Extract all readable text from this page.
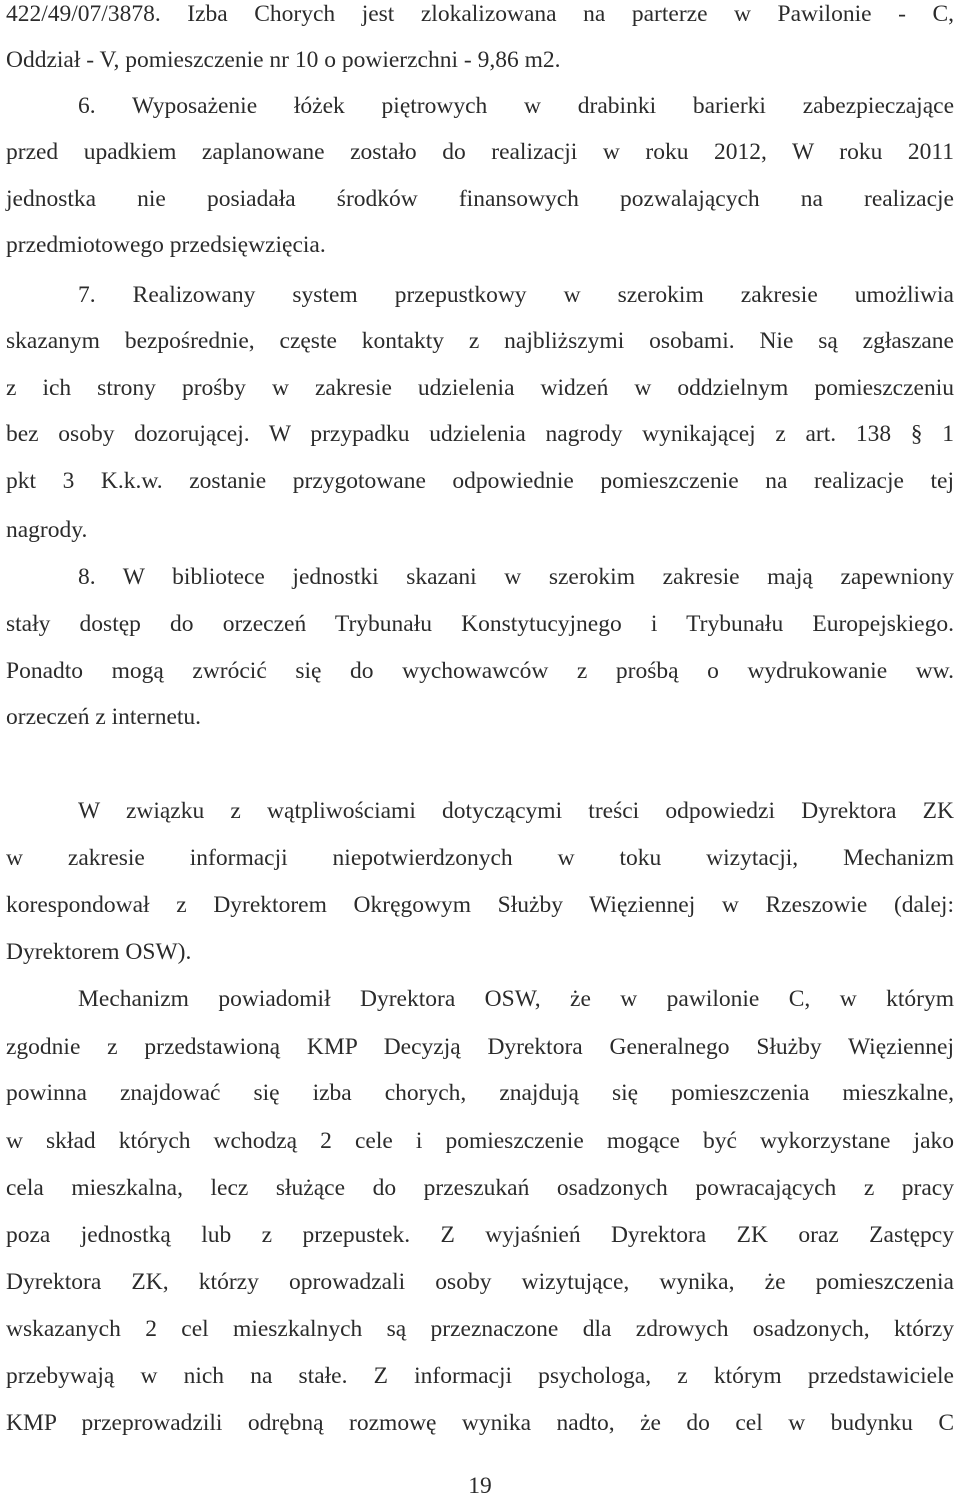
422/49/07/3878. Izba Chorych jest zlokalizowana na parterze w Pawilonie - C,
Oddział - V, pomieszczenie nr 10 o powierzchni - 9,86 m2.
6. Wyposażenie łóżek piętrowych w drabinki barierki zabezpieczające
przed upadkiem zaplanowane zostało do realizacji w roku 2012, W roku 2011
jednostka nie posiadała środków finansowych pozwalających na realizacje
przedmiotowego przedsięwzięcia.
7. Realizowany system przepustkowy w szerokim zakresie umożliwia
skazanym bezpośrednie, częste kontakty z najbliższymi osobami. Nie są zgłaszane
z ich strony prośby w zakresie udzielenia widzeń w oddzielnym pomieszczeniu
bez osoby dozorującej. W przypadku udzielenia nagrody wynikającej z art. 138 § 1
pkt 3 K.k.w. zostanie przygotowane odpowiednie pomieszczenie na realizacje tej
nagrody.
8. W bibliotece jednostki skazani w szerokim zakresie mają zapewniony
stały dostęp do orzeczeń Trybunału Konstytucyjnego i Trybunału Europejskiego.
Ponadto mogą zwrócić się do wychowawców z prośbą o wydrukowanie ww.
orzeczeń z internetu.
W związku z wątpliwościami dotyczącymi treści odpowiedzi Dyrektora ZK
w zakresie informacji niepotwierdzonych w toku wizytacji, Mechanizm
korespondował z Dyrektorem Okręgowym Służby Więziennej w Rzeszowie (dalej:
Dyrektorem OSW).
Mechanizm powiadomił Dyrektora OSW, że w pawilonie C, w którym
zgodnie z przedstawioną KMP Decyzją Dyrektora Generalnego Służby Więziennej
powinna znajdować się izba chorych, znajdują się pomieszczenia mieszkalne,
w skład których wchodzą 2 cele i pomieszczenie mogące być wykorzystane jako
cela mieszkalna, lecz służące do przeszukań osadzonych powracających z pracy
poza jednostką lub z przepustek. Z wyjaśnień Dyrektora ZK oraz Zastępcy
Dyrektora ZK, którzy oprowadzali osoby wizytujące, wynika, że pomieszczenia
wskazanych 2 cel mieszkalnych są przeznaczone dla zdrowych osadzonych, którzy
przebywają w nich na stałe. Z informacji psychologa, z którym przedstawiciele
KMP przeprowadzili odrębną rozmowę wynika nadto, że do cel w budynku C
19
